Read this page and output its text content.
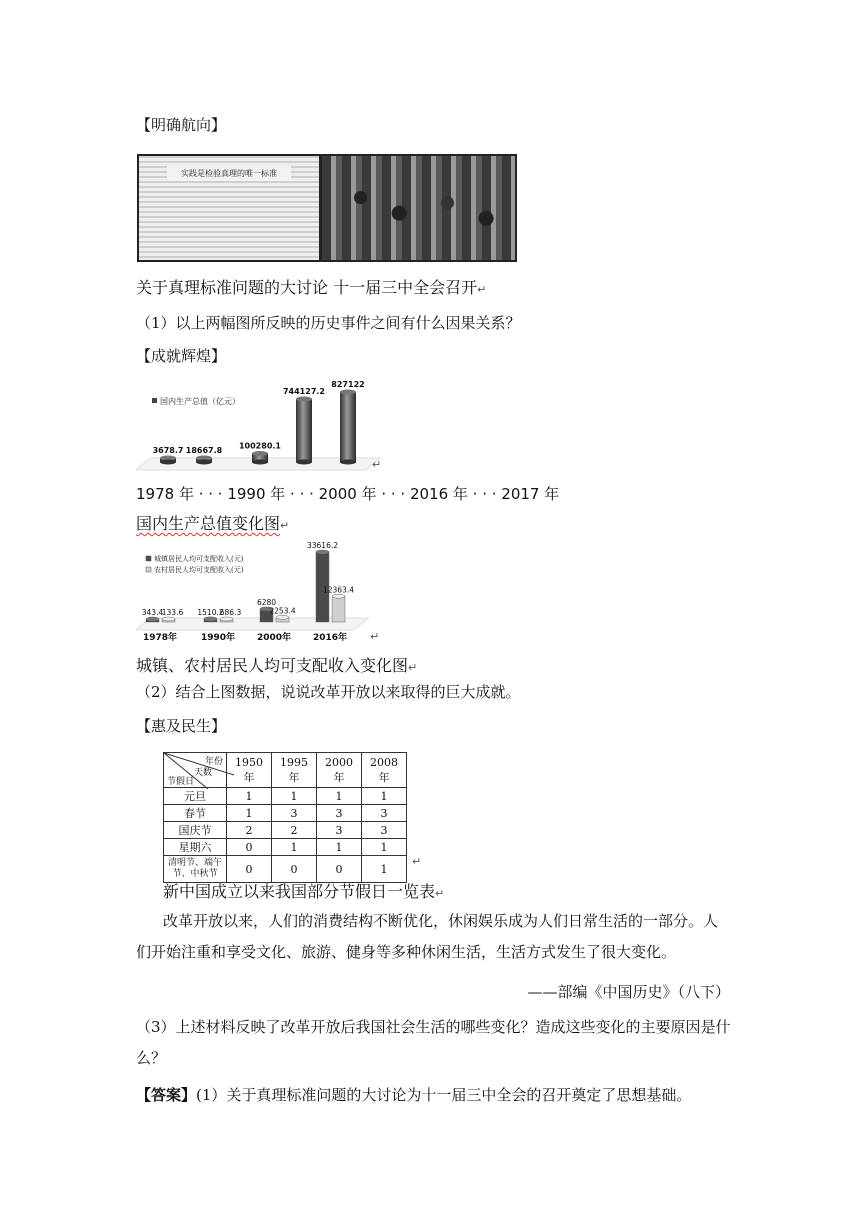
【明确航向】
实践是检验真理的唯一标准
关于真理标准问题的大讨论 十一届三中全会召开↵
（1）以上两幅图所反映的历史事件之间有什么因果关系？
【成就辉煌】
国内生产总值（亿元）
3678.7 18667.8 100280.1
744127.2
827122
↵
1978 年 · · · 1990 年 · · · 2000 年 · · · 2016 年 · · · 2017 年
国内生产总值变化图↵
城镇居民人均可支配收入(元)
农村居民人均可支配收入(元)
343.4
133.6
1978年
1510.2
686.3
1990年
6280
2253.4
2000年
33616.2
12363.4
2016年 ↵
城镇、农村居民人均可支配收入变化图↵
（2）结合上图数据，说说改革开放以来取得的巨大成就。
【惠及民生】
年份
天数
节假日	1950 年	1995 年	2000 年	2008 年
元旦	1	1	1	1
春节	1	3	3	3
国庆节	2	2	3	3
星期六	0	1	1	1
清明节、端午节、中秋节	0	0	0	1
↵
新中国成立以来我国部分节假日一览表↵
改革开放以来，人们的消费结构不断优化，休闲娱乐成为人们日常生活的一部分。人
们开始注重和享受文化、旅游、健身等多种休闲生活，生活方式发生了很大变化。
——部编《中国历史》（八下）
（3）上述材料反映了改革开放后我国社会生活的哪些变化？造成这些变化的主要原因是什
么？
【答案】(1）关于真理标准问题的大讨论为十一届三中全会的召开奠定了思想基础。
